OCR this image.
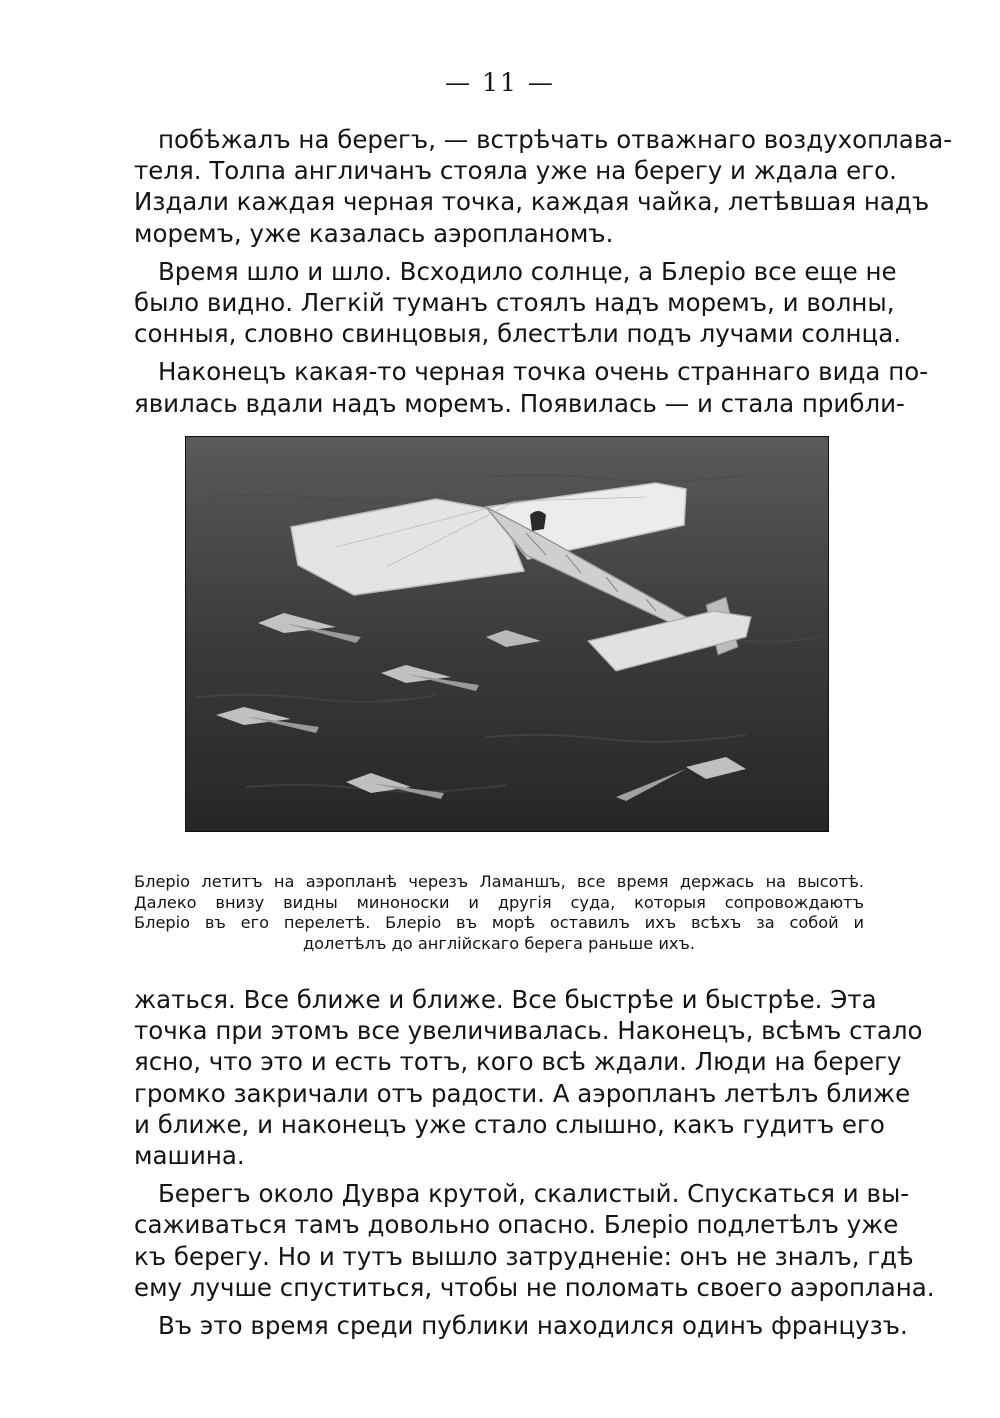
— 11 —

побѣжалъ на берегъ, — встрѣчать отважнаго воздухоплава-
теля. Толпа англичанъ стояла уже на берегу и ждала его.
Издали каждая черная точка, каждая чайка, летѣвшая надъ
моремъ, уже казалась аэропланомъ.

Время шло и шло. Всходило солнце, а Блеріо все еще не
было видно. Легкій туманъ стоялъ надъ моремъ, и волны,
сонныя, словно свинцовыя, блестѣли подъ лучами солнца.

Наконецъ какая-то черная точка очень страннаго вида по-
явилась вдали надъ моремъ. Появилась — и стала прибли-

Блеріо летитъ на аэропланѣ черезъ Ламаншъ, все время держась на высотѣ.
Далеко внизу видны миноноски и другія суда, которыя сопровождаютъ
Блеріо въ его перелетѣ. Блеріо въ морѣ оставилъ ихъ всѣхъ за собой и
долетѣлъ до англійскаго берега раньше ихъ.

жаться. Все ближе и ближе. Все быстрѣе и быстрѣе. Эта
точка при этомъ все увеличивалась. Наконецъ, всѣмъ стало
ясно, что это и есть тотъ, кого всѣ ждали. Люди на берегу
громко закричали отъ радости. А аэропланъ летѣлъ ближе
и ближе, и наконецъ уже стало слышно, какъ гудитъ его
машина.

Берегъ около Дувра крутой, скалистый. Спускаться и вы-
саживаться тамъ довольно опасно. Блеріо подлетѣлъ уже
къ берегу. Но и тутъ вышло затрудненіе: онъ не зналъ, гдѣ
ему лучше спуститься, чтобы не поломать своего аэроплана.

Въ это время среди публики находился одинъ французъ.
